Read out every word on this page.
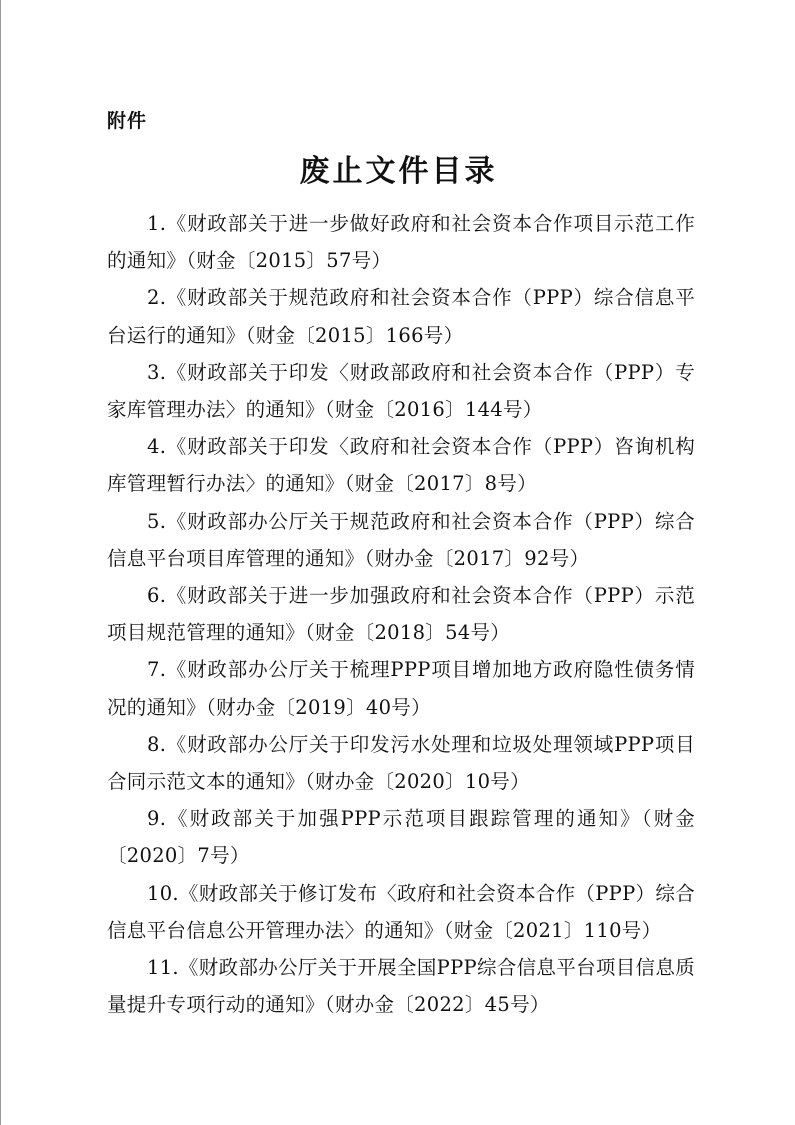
附件
废止文件目录

1.《财政部关于进一步做好政府和社会资本合作项目示范工作的通知》（财金〔2015〕57号）

2.《财政部关于规范政府和社会资本合作（PPP）综合信息平台运行的通知》（财金〔2015〕166号）

3.《财政部关于印发〈财政部政府和社会资本合作（PPP）专家库管理办法〉的通知》（财金〔2016〕144号）

4.《财政部关于印发〈政府和社会资本合作（PPP）咨询机构库管理暂行办法〉的通知》（财金〔2017〕8号）

5.《财政部办公厅关于规范政府和社会资本合作（PPP）综合信息平台项目库管理的通知》（财办金〔2017〕92号）

6.《财政部关于进一步加强政府和社会资本合作（PPP）示范项目规范管理的通知》（财金〔2018〕54号）

7.《财政部办公厅关于梳理PPP项目增加地方政府隐性债务情况的通知》（财办金〔2019〕40号）

8.《财政部办公厅关于印发污水处理和垃圾处理领域PPP项目合同示范文本的通知》（财办金〔2020〕10号）

9.《财政部关于加强PPP示范项目跟踪管理的通知》（财金〔2020〕7号）

10.《财政部关于修订发布〈政府和社会资本合作（PPP）综合信息平台信息公开管理办法〉的通知》（财金〔2021〕110号）

11.《财政部办公厅关于开展全国PPP综合信息平台项目信息质量提升专项行动的通知》（财办金〔2022〕45号）
